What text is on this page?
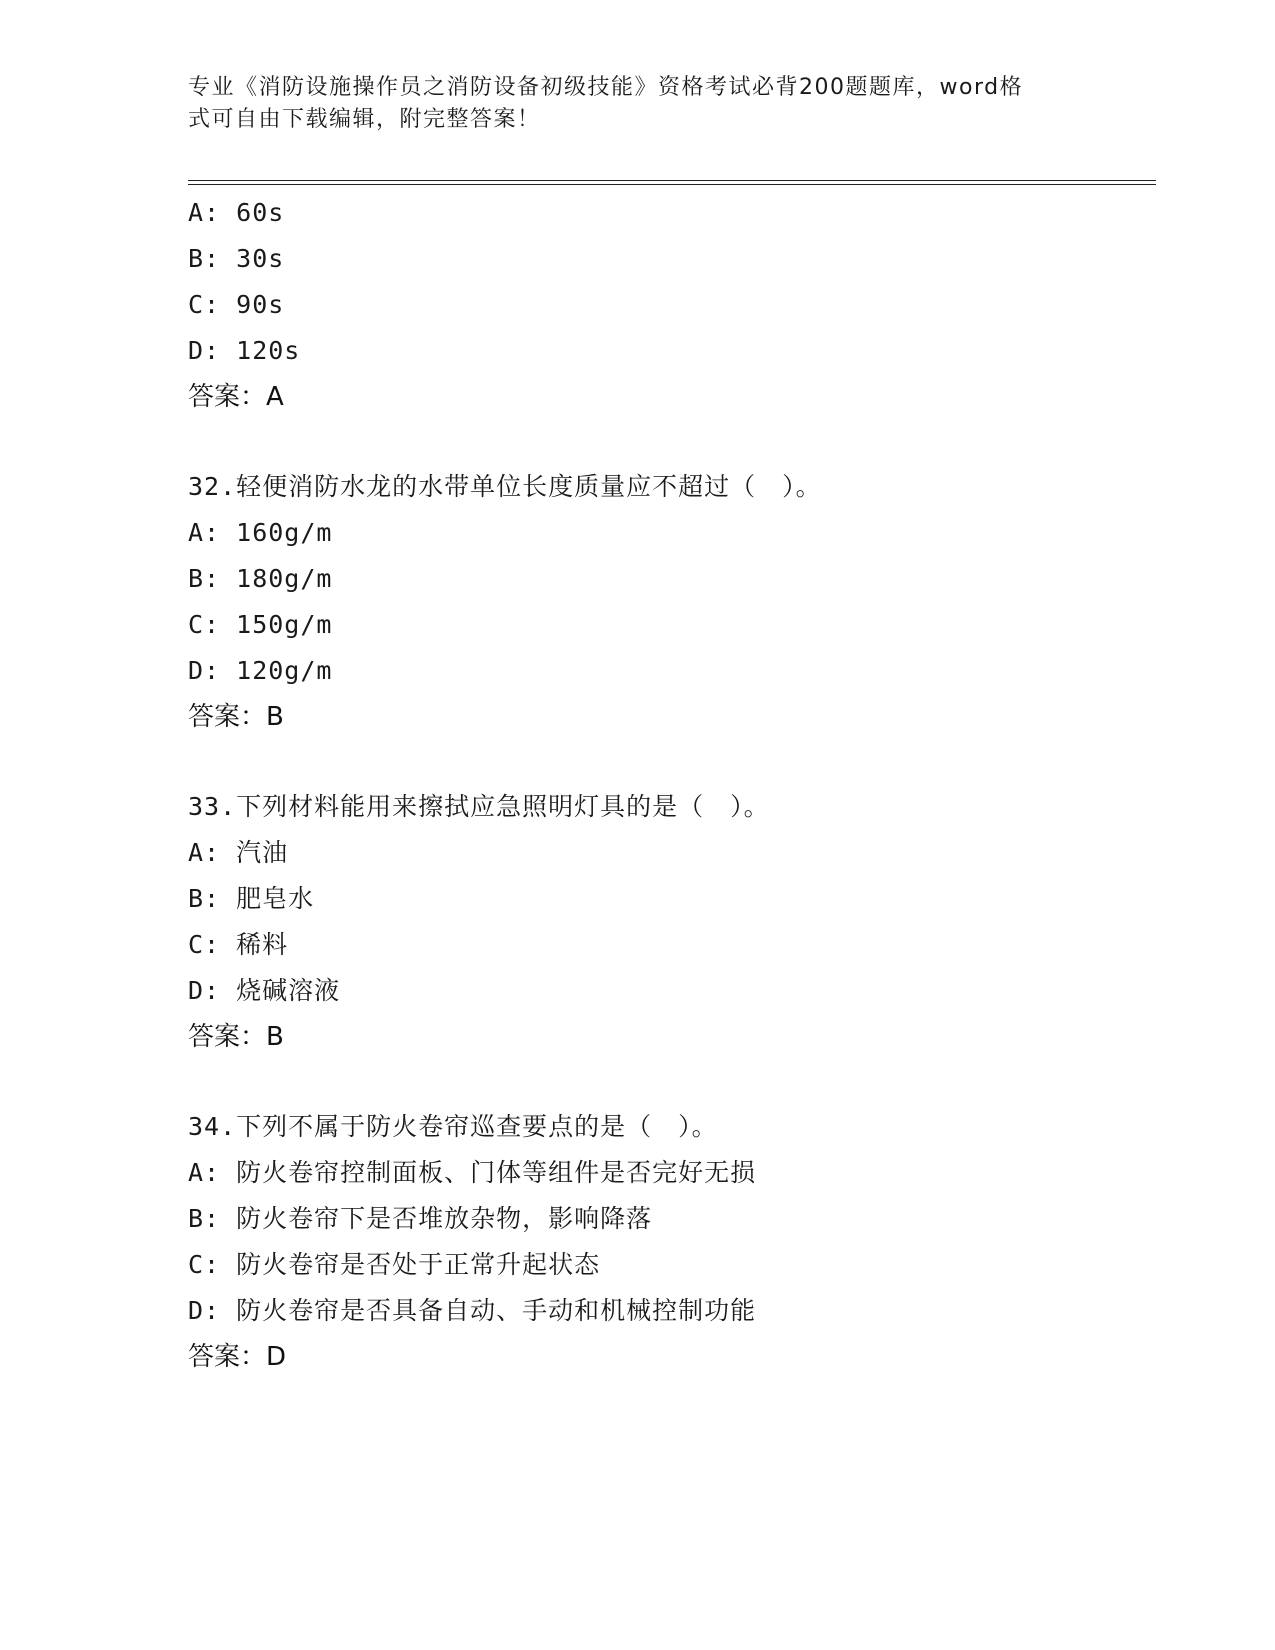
专业《消防设施操作员之消防设备初级技能》资格考试必背200题题库，word格
式可自由下载编辑，附完整答案！
A: 60s
B: 30s
C: 90s
D: 120s
答案：A
32.轻便消防水龙的水带单位长度质量应不超过（　）。
A: 160g/m
B: 180g/m
C: 150g/m
D: 120g/m
答案：B
33.下列材料能用来擦拭应急照明灯具的是（　）。
A: 汽油
B: 肥皂水
C: 稀料
D: 烧碱溶液
答案：B
34.下列不属于防火卷帘巡查要点的是（　）。
A: 防火卷帘控制面板、门体等组件是否完好无损
B: 防火卷帘下是否堆放杂物，影响降落
C: 防火卷帘是否处于正常升起状态
D: 防火卷帘是否具备自动、手动和机械控制功能
答案：D
